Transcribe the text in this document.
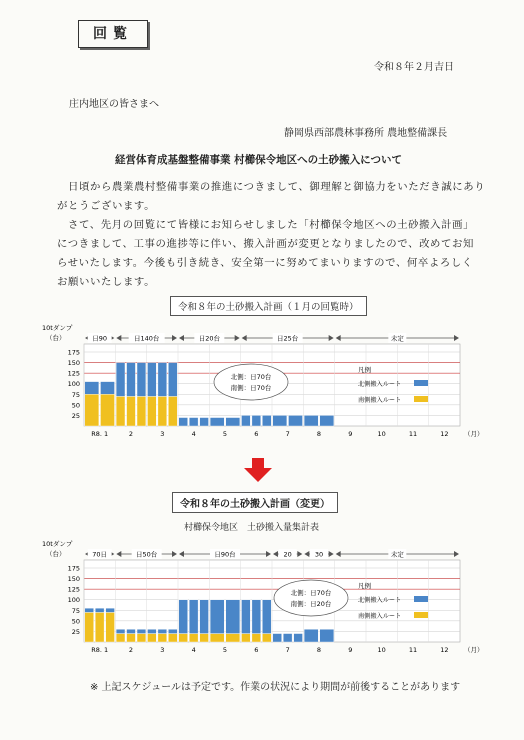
回覧
令和８年２月吉日
庄内地区の皆さまへ
静岡県西部農林事務所 農地整備課長
経営体育成基盤整備事業 村櫛保令地区への土砂搬入について
日頃から農業農村整備事業の推進につきまして、御理解と御協力をいただき誠にあり
がとうございます。
さて、先月の回覧にて皆様にお知らせしました「村櫛保令地区への土砂搬入計画」
につきまして、工事の進捗等に伴い、搬入計画が変更となりましたので、改めてお知
らせいたします。今後も引き続き、安全第一に努めてまいりますので、何卒よろしく
お願いいたします。
令和８年の土砂搬入計画（１月の回覧時）
10tダンプ
（台）
25
50
75
100
125
150
175
R8. 1	2	3	4	5	6	7	8	9	10	11	12 （月）
日90	日140台	日20台	日25台	未定
北側：日70台
南側：日70台
凡例
北側搬入ルート
南側搬入ルート
令和８年の土砂搬入計画（変更）
村櫛保令地区　土砂搬入量集計表
10tダンプ
（台）
25
50
75
100
125
150
175
R8. 1	2	3	4	5	6	7	8	9	10	11	12 （月）
70日	日50台	日90台	20	30	未定
北側：日70台
南側：日20台
凡例
北側搬入ルート
南側搬入ルート
※ 上記スケジュールは予定です。作業の状況により期間が前後することがあります
